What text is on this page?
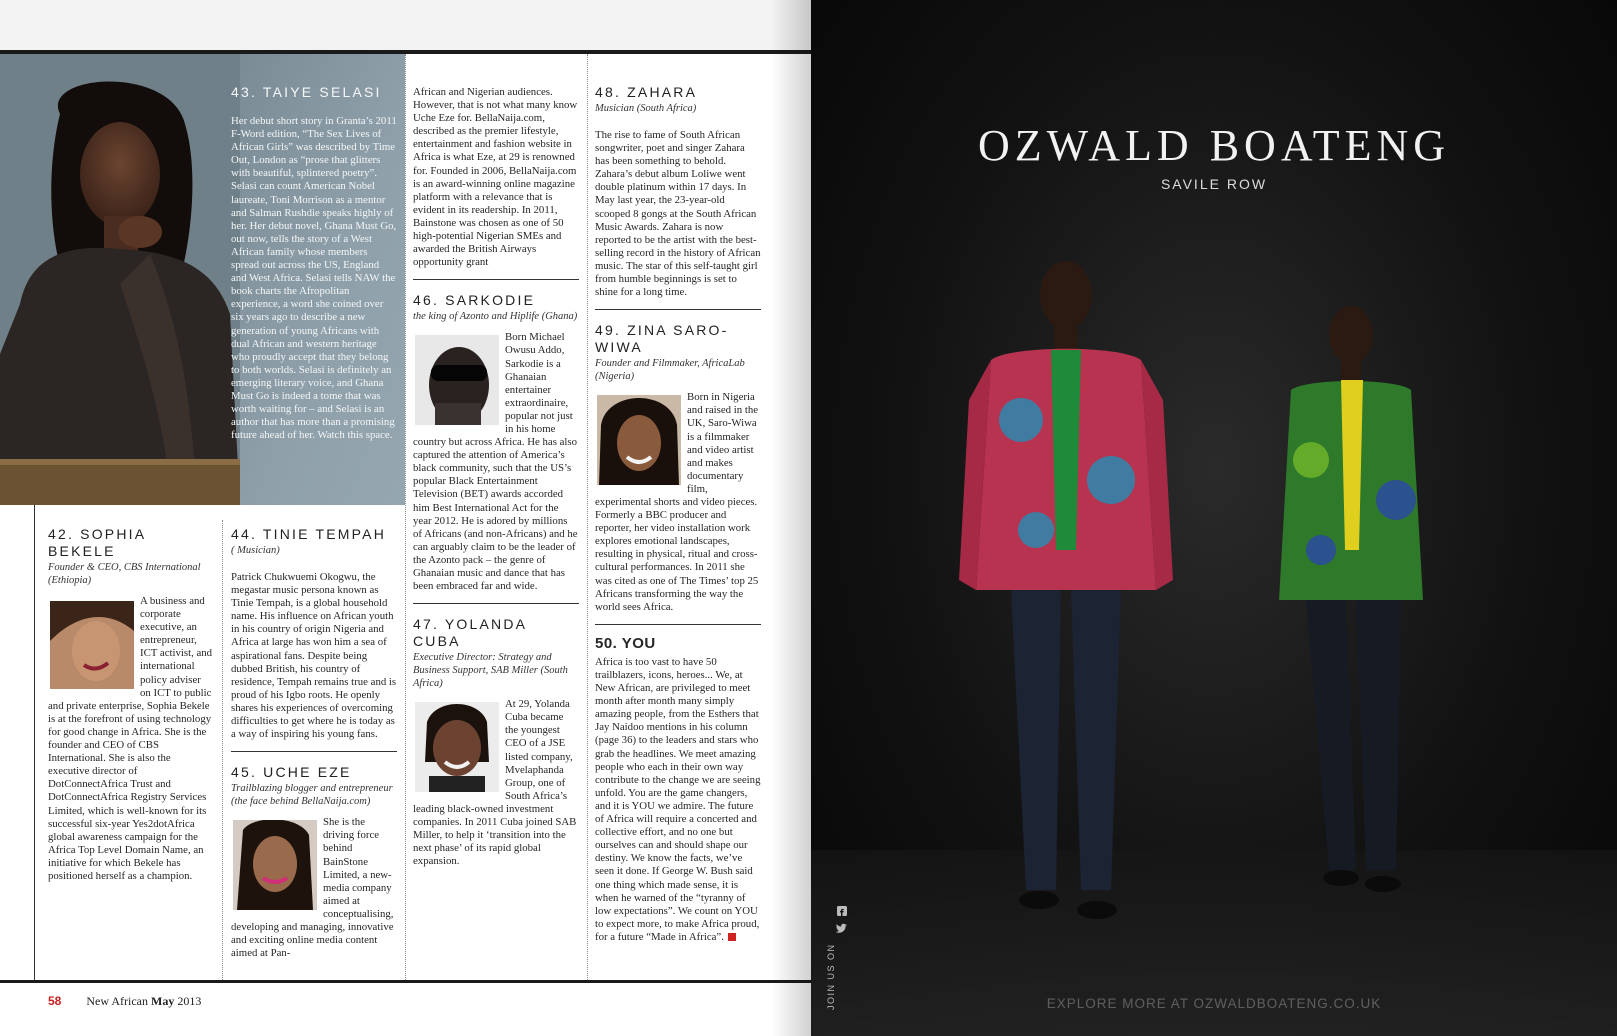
43. TAIYE SELASI

Her debut short story in Granta’s 2011 F-Word edition, “The Sex Lives of African Girls” was described by Time Out, London as “prose that glitters with beautiful, splintered poetry”. Selasi can count American Nobel laureate, Toni Morrison as a mentor and Salman Rushdie speaks highly of her. Her debut novel, Ghana Must Go, out now, tells the story of a West African family whose members spread out across the US, England and West Africa. Selasi tells NAW the book charts the Afropolitan experience, a word she coined over six years ago to describe a new generation of young Africans with dual African and western heritage who proudly accept that they belong to both worlds. Selasi is definitely an emerging literary voice, and Ghana Must Go is indeed a tome that was worth waiting for – and Selasi is an author that has more than a promising future ahead of her. Watch this space.

42. SOPHIA BEKELE
Founder & CEO, CBS International (Ethiopia)

A business and corporate executive, an entrepreneur, ICT activist, and international policy adviser on ICT to public and private enterprise, Sophia Bekele is at the forefront of using technology for good change in Africa. She is the founder and CEO of CBS International. She is also the executive director of DotConnectAfrica Trust and DotConnectAfrica Registry Services Limited, which is well-known for its successful six-year Yes2dotAfrica global awareness campaign for the Africa Top Level Domain Name, an initiative for which Bekele has positioned herself as a champion.

44. TINIE TEMPAH
( Musician)

Patrick Chukwuemi Okogwu, the megastar music persona known as Tinie Tempah, is a global household name. His influence on African youth in his country of origin Nigeria and Africa at large has won him a sea of aspirational fans. Despite being dubbed British, his country of residence, Tempah remains true and is proud of his Igbo roots. He openly shares his experiences of overcoming difficulties to get where he is today as a way of inspiring his young fans.

45. UCHE EZE
Trailblazing blogger and entrepreneur (the face behind BellaNaija.com)

She is the driving force behind BainStone Limited, a new-media company aimed at conceptualising, developing and managing, innovative and exciting online media content aimed at Pan-

African and Nigerian audiences. However, that is not what many know Uche Eze for. BellaNaija.com, described as the premier lifestyle, entertainment and fashion website in Africa is what Eze, at 29 is renowned for. Founded in 2006, BellaNaija.com is an award-winning online magazine platform with a relevance that is evident in its readership. In 2011, Bainstone was chosen as one of 50 high-potential Nigerian SMEs and awarded the British Airways opportunity grant

46. SARKODIE
the king of Azonto and Hiplife (Ghana)

Born Michael Owusu Addo, Sarkodie is a Ghanaian entertainer extraordinaire, popular not just in his home country but across Africa. He has also captured the attention of America’s black community, such that the US’s popular Black Entertainment Television (BET) awards accorded him Best International Act for the year 2012. He is adored by millions of Africans (and non-Africans) and he can arguably claim to be the leader of the Azonto pack – the genre of Ghanaian music and dance that has been embraced far and wide.

47. YOLANDA CUBA
Executive Director: Strategy and Business Support, SAB Miller (South Africa)

At 29, Yolanda Cuba became the youngest CEO of a JSE listed company, Mvelaphanda Group, one of South Africa’s leading black-owned investment companies. In 2011 Cuba joined SAB Miller, to help it ‘transition into the next phase’ of its rapid global expansion.

48. ZAHARA
Musician (South Africa)

The rise to fame of South African songwriter, poet and singer Zahara has been something to behold. Zahara’s debut album Loliwe went double platinum within 17 days. In May last year, the 23-year-old scooped 8 gongs at the South African Music Awards. Zahara is now reported to be the artist with the best-selling record in the history of African music. The star of this self-taught girl from humble beginnings is set to shine for a long time.

49. ZINA SARO-WIWA
Founder and Filmmaker, AfricaLab (Nigeria)

Born in Nigeria and raised in the UK, Saro-Wiwa is a filmmaker and video artist and makes documentary film, experimental shorts and video pieces. Formerly a BBC producer and reporter, her video installation work explores emotional landscapes, resulting in physical, ritual and cross-cultural performances. In 2011 she was cited as one of The Times’ top 25 Africans transforming the way the world sees Africa.

50. YOU

Africa is too vast to have 50 trailblazers, icons, heroes... We, at New African, are privileged to meet month after month many simply amazing people, from the Esthers that Jay Naidoo mentions in his column (page 36) to the leaders and stars who grab the headlines. We meet amazing people who each in their own way contribute to the change we are seeing unfold. You are the game changers, and it is YOU we admire. The future of Africa will require a concerted and collective effort, and no one but ourselves can and should shape our destiny. We know the facts, we’ve seen it done. If George W. Bush said one thing which made sense, it is when he warned of the “tyranny of low expectations”. We count on YOU to expect more, to make Africa proud, for a future “Made in Africa”.

58 New African May 2013
OZWALD BOATENG
SAVILE ROW
JOIN US ON
